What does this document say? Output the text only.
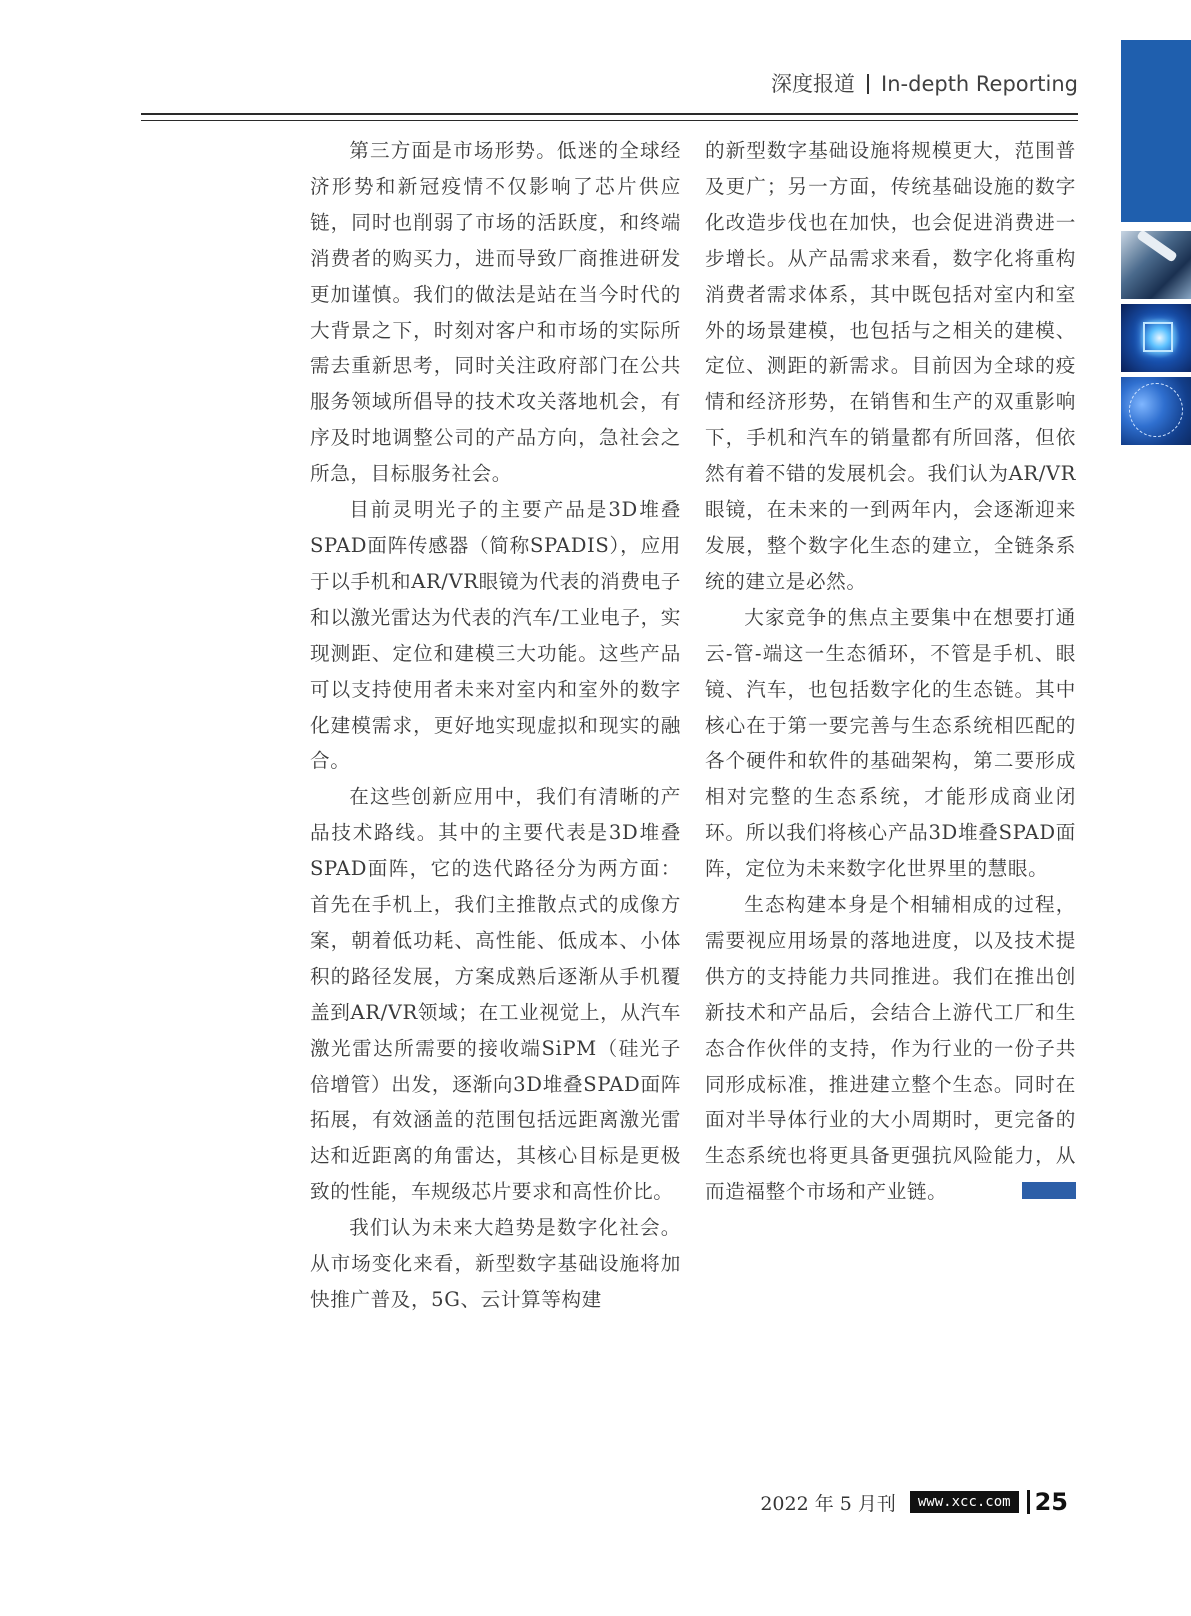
深度报道 In-depth Reporting

第三方面是市场形势。低迷的全球经济形势和新冠疫情不仅影响了芯片供应链，同时也削弱了市场的活跃度，和终端消费者的购买力，进而导致厂商推进研发更加谨慎。我们的做法是站在当今时代的大背景之下，时刻对客户和市场的实际所需去重新思考，同时关注政府部门在公共服务领域所倡导的技术攻关落地机会，有序及时地调整公司的产品方向，急社会之所急，目标服务社会。

目前灵明光子的主要产品是3D堆叠SPAD面阵传感器（简称SPADIS），应用于以手机和AR/VR眼镜为代表的消费电子和以激光雷达为代表的汽车/工业电子，实现测距、定位和建模三大功能。这些产品可以支持使用者未来对室内和室外的数字化建模需求，更好地实现虚拟和现实的融合。

在这些创新应用中，我们有清晰的产品技术路线。其中的主要代表是3D堆叠SPAD面阵，它的迭代路径分为两方面：首先在手机上，我们主推散点式的成像方案，朝着低功耗、高性能、低成本、小体积的路径发展，方案成熟后逐渐从手机覆盖到AR/VR领域；在工业视觉上，从汽车激光雷达所需要的接收端SiPM（硅光子倍增管）出发，逐渐向3D堆叠SPAD面阵拓展，有效涵盖的范围包括远距离激光雷达和近距离的角雷达，其核心目标是更极致的性能，车规级芯片要求和高性价比。

我们认为未来大趋势是数字化社会。从市场变化来看，新型数字基础设施将加快推广普及，5G、云计算等构建

的新型数字基础设施将规模更大，范围普及更广；另一方面，传统基础设施的数字化改造步伐也在加快，也会促进消费进一步增长。从产品需求来看，数字化将重构消费者需求体系，其中既包括对室内和室外的场景建模，也包括与之相关的建模、定位、测距的新需求。目前因为全球的疫情和经济形势，在销售和生产的双重影响下，手机和汽车的销量都有所回落，但依然有着不错的发展机会。我们认为AR/VR眼镜，在未来的一到两年内，会逐渐迎来发展，整个数字化生态的建立，全链条系统的建立是必然。

大家竞争的焦点主要集中在想要打通云-管-端这一生态循环，不管是手机、眼镜、汽车，也包括数字化的生态链。其中核心在于第一要完善与生态系统相匹配的各个硬件和软件的基础架构，第二要形成相对完整的生态系统，才能形成商业闭环。所以我们将核心产品3D堆叠SPAD面阵，定位为未来数字化世界里的慧眼。

生态构建本身是个相辅相成的过程，需要视应用场景的落地进度，以及技术提供方的支持能力共同推进。我们在推出创新技术和产品后，会结合上游代工厂和生态合作伙伴的支持，作为行业的一份子共同形成标准，推进建立整个生态。同时在面对半导体行业的大小周期时，更完备的生态系统也将更具备更强抗风险能力，从而造福整个市场和产业链。

2022 年 5 月刊 www.xcc.com 25
